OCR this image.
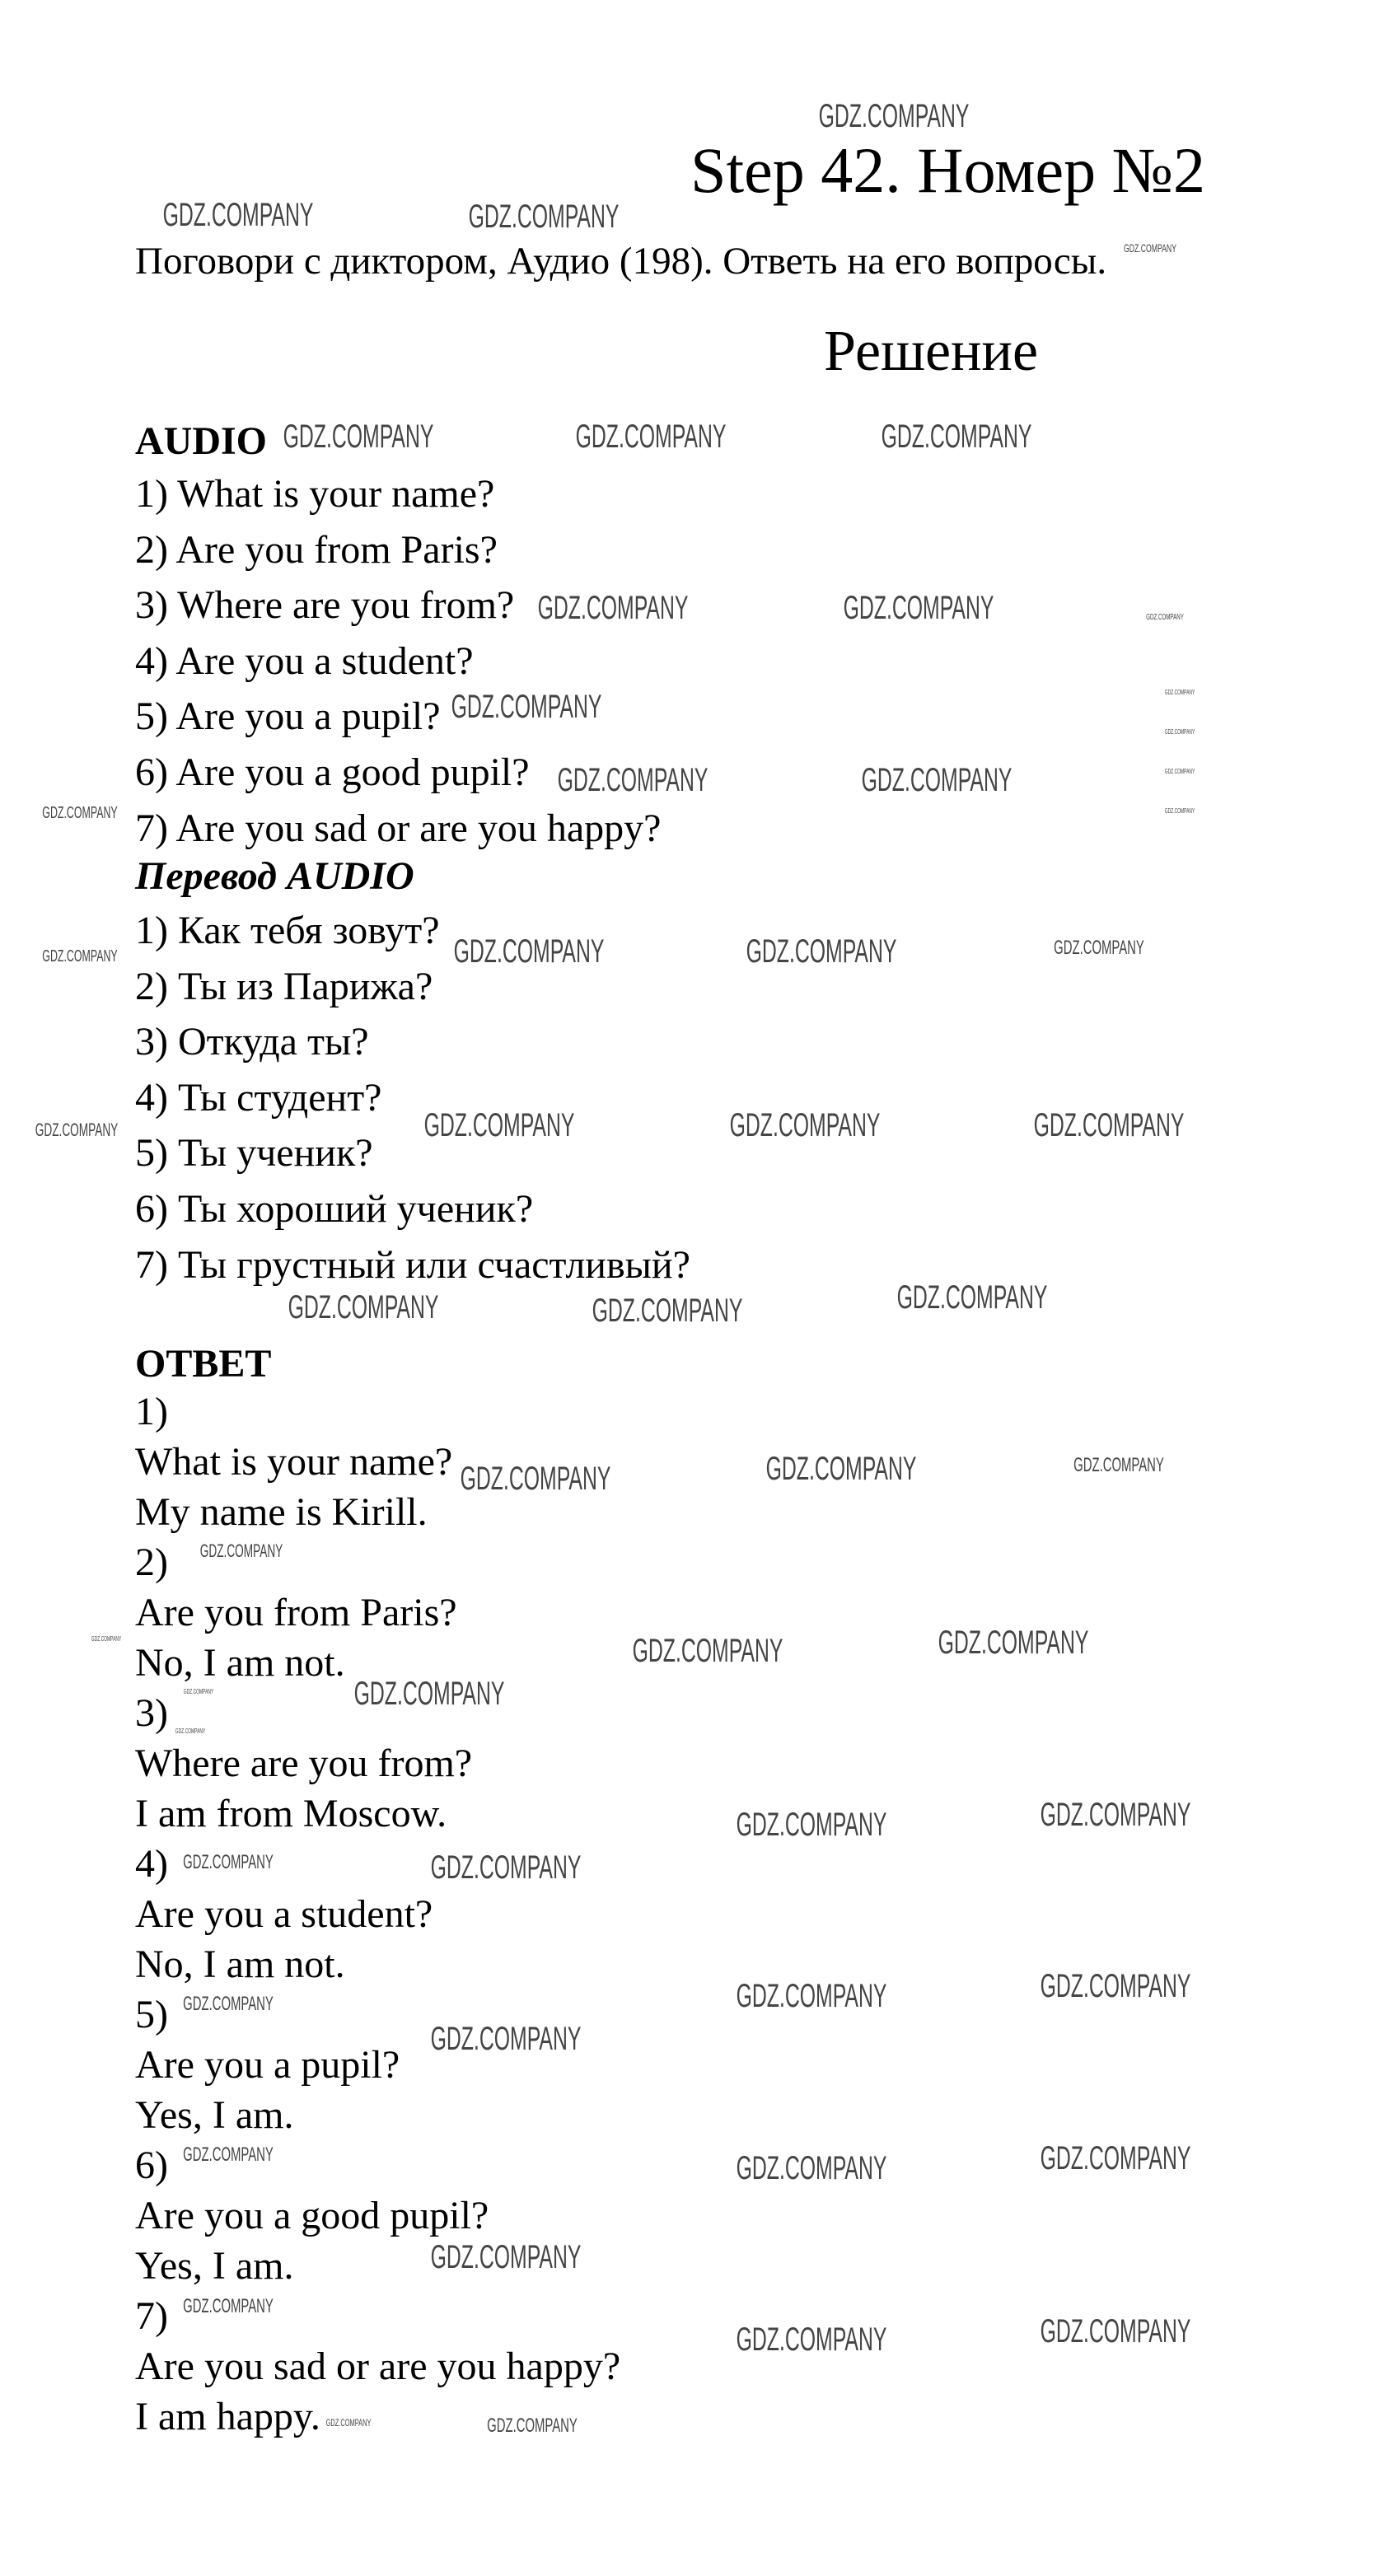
Step 42. Номер №2
Поговори с диктором, Аудио (198). Ответь на его вопросы.
Решение
AUDIO
Перевод AUDIO
ОТВЕТ
1) What is your name?
2) Are you from Paris?
3) Where are you from?
4) Are you a student?
5) Are you a pupil?
6) Are you a good pupil?
7) Are you sad or are you happy?
1) Как тебя зовут?
2) Ты из Парижа?
3) Откуда ты?
4) Ты студент?
5) Ты ученик?
6) Ты хороший ученик?
7) Ты грустный или счастливый?
1)
What is your name?
My name is Kirill.
2)
Are you from Paris?
No, I am not.
3)
Where are you from?
I am from Moscow.
4)
Are you a student?
No, I am not.
5)
Are you a pupil?
Yes, I am.
6)
Are you a good pupil?
Yes, I am.
7)
Are you sad or are you happy?
I am happy.
GDZ.COMPANY	GDZ.COMPANY
GDZ.COMPANY
GDZ.COMPANY
GDZ.COMPANY	GDZ.COMPANY	GDZ.COMPANY
GDZ.COMPANY	GDZ.COMPANY	GDZ.COMPANY
GDZ.COMPANY	GDZ.COMPANY
GDZ.COMPANY
GDZ.COMPANY
GDZ.COMPANY
GDZ.COMPANY	GDZ.COMPANY
GDZ.COMPANY
GDZ.COMPANY	GDZ.COMPANY	GDZ.COMPANY	GDZ.COMPANY
GDZ.COMPANY	GDZ.COMPANY	GDZ.COMPANY	GDZ.COMPANY
GDZ.COMPANY	GDZ.COMPANY	GDZ.COMPANY
GDZ.COMPANY	GDZ.COMPANY	GDZ.COMPANY
GDZ.COMPANY
GDZ.COMPANY	GDZ.COMPANY
GDZ.COMPANY
GDZ.COMPANY
GDZ.COMPANY
GDZ.COMPANY
GDZ.COMPANY	GDZ.COMPANY
GDZ.COMPANY	GDZ.COMPANY
GDZ.COMPANY	GDZ.COMPANY
GDZ.COMPANY
GDZ.COMPANY
GDZ.COMPANY	GDZ.COMPANY
GDZ.COMPANY
GDZ.COMPANY
GDZ.COMPANY
GDZ.COMPANY	GDZ.COMPANY
GDZ.COMPANY	GDZ.COMPANY
